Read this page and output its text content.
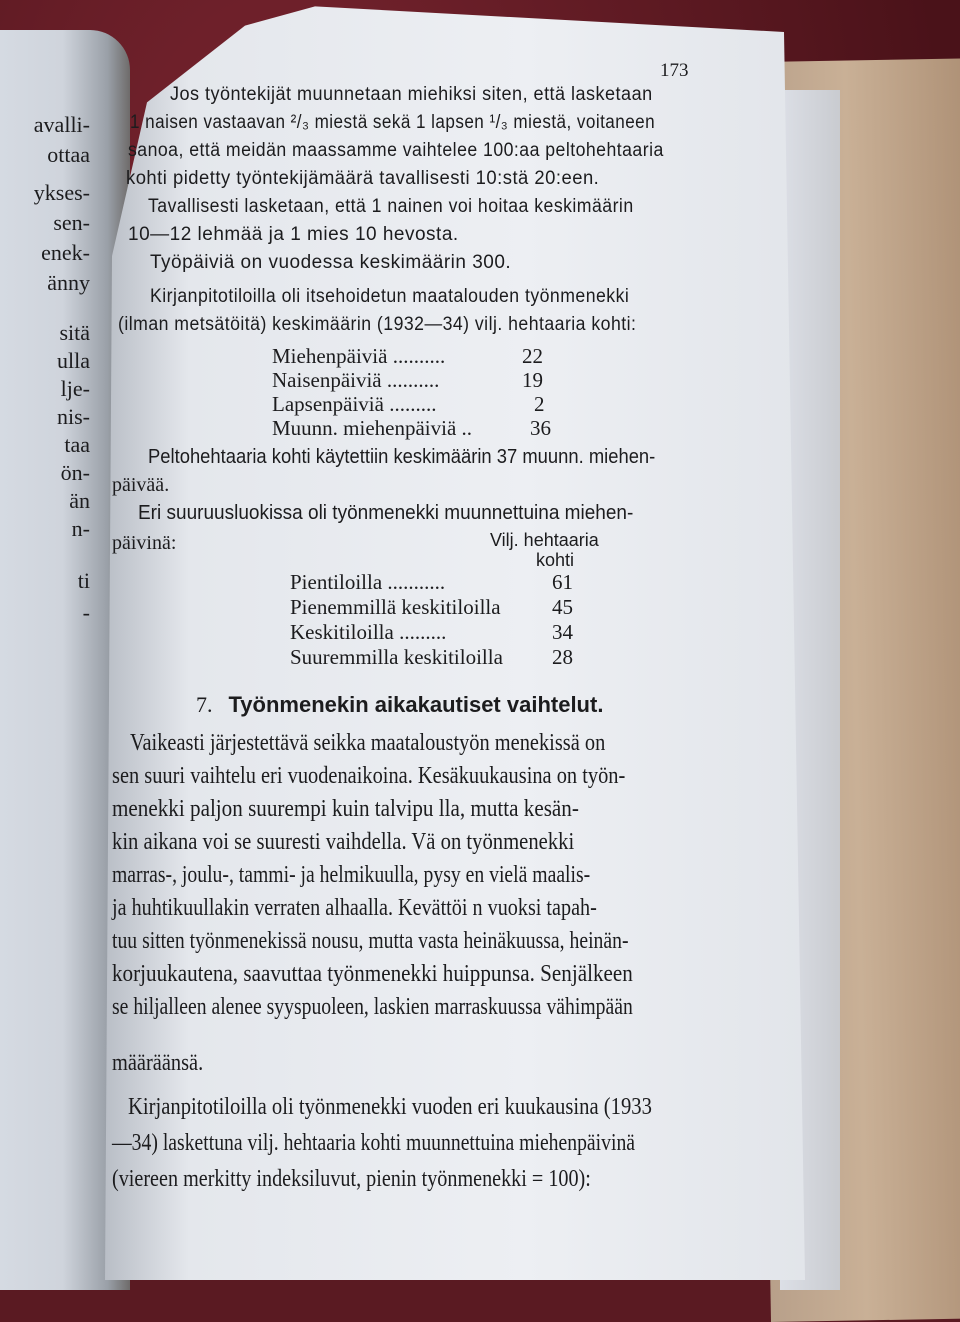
avalli-
ottaa
ykses-
sen-
enek-
änny
sitä
ulla
lje-
nis-
taa
ön-
än
n-
ti
-
173
Jos työntekijät muunnetaan miehiksi siten, että lasketaan
1 naisen vastaavan ²/₃ miestä sekä 1 lapsen ¹/₃ miestä, voitaneen
sanoa, että meidän maassamme vaihtelee 100:aa peltohehtaaria
kohti pidetty työntekijämäärä tavallisesti 10:stä 20:een.
Tavallisesti lasketaan, että 1 nainen voi hoitaa keskimäärin
10—12 lehmää ja 1 mies 10 hevosta.
Työpäiviä on vuodessa keskimäärin 300.
Kirjanpitotiloilla oli itsehoidetun maatalouden työnmenekki
(ilman metsätöitä) keskimäärin (1932—34) vilj. hehtaaria kohti:
Miehenpäiviä ..........	22
Naisenpäiviä ..........	19
Lapsenpäiviä .........	2
Muunn. miehenpäiviä ..	36
Peltohehtaaria kohti käytettiin keskimäärin 37 muunn. miehen-
päivää.
Eri suuruusluokissa oli työnmenekki muunnettuina miehen-
päivinä:	Vilj. hehtaaria
kohti
Pientiloilla ...........	61
Pienemmillä keskitiloilla 45
Keskitiloilla .........	34
Suuremmilla keskitiloilla 28
7. Työnmenekin aikakautiset vaihtelut.
Vaikeasti järjestettävä seikka maataloustyön menekissä on
sen suuri vaihtelu eri vuodenaikoina. Kesäkuukausina on työn-
menekki paljon suurempi kuin talvipu lla, mutta kesän-
kin aikana voi se suuresti vaihdella. Vä on työnmenekki
marras-, joulu-, tammi- ja helmikuulla, pysy en vielä maalis-
ja huhtikuullakin verraten alhaalla. Kevättöi n vuoksi tapah-
tuu sitten työnmenekissä nousu, mutta vasta heinäkuussa, heinän-
korjuukautena, saavuttaa työnmenekki huippunsa. Senjälkeen
se hiljalleen alenee syyspuoleen, laskien marraskuussa vähimpään
määräänsä.
Kirjanpitotiloilla oli työnmenekki vuoden eri kuukausina (1933
—34) laskettuna vilj. hehtaaria kohti muunnettuina miehenpäivinä
(viereen merkitty indeksiluvut, pienin työnmenekki = 100):
